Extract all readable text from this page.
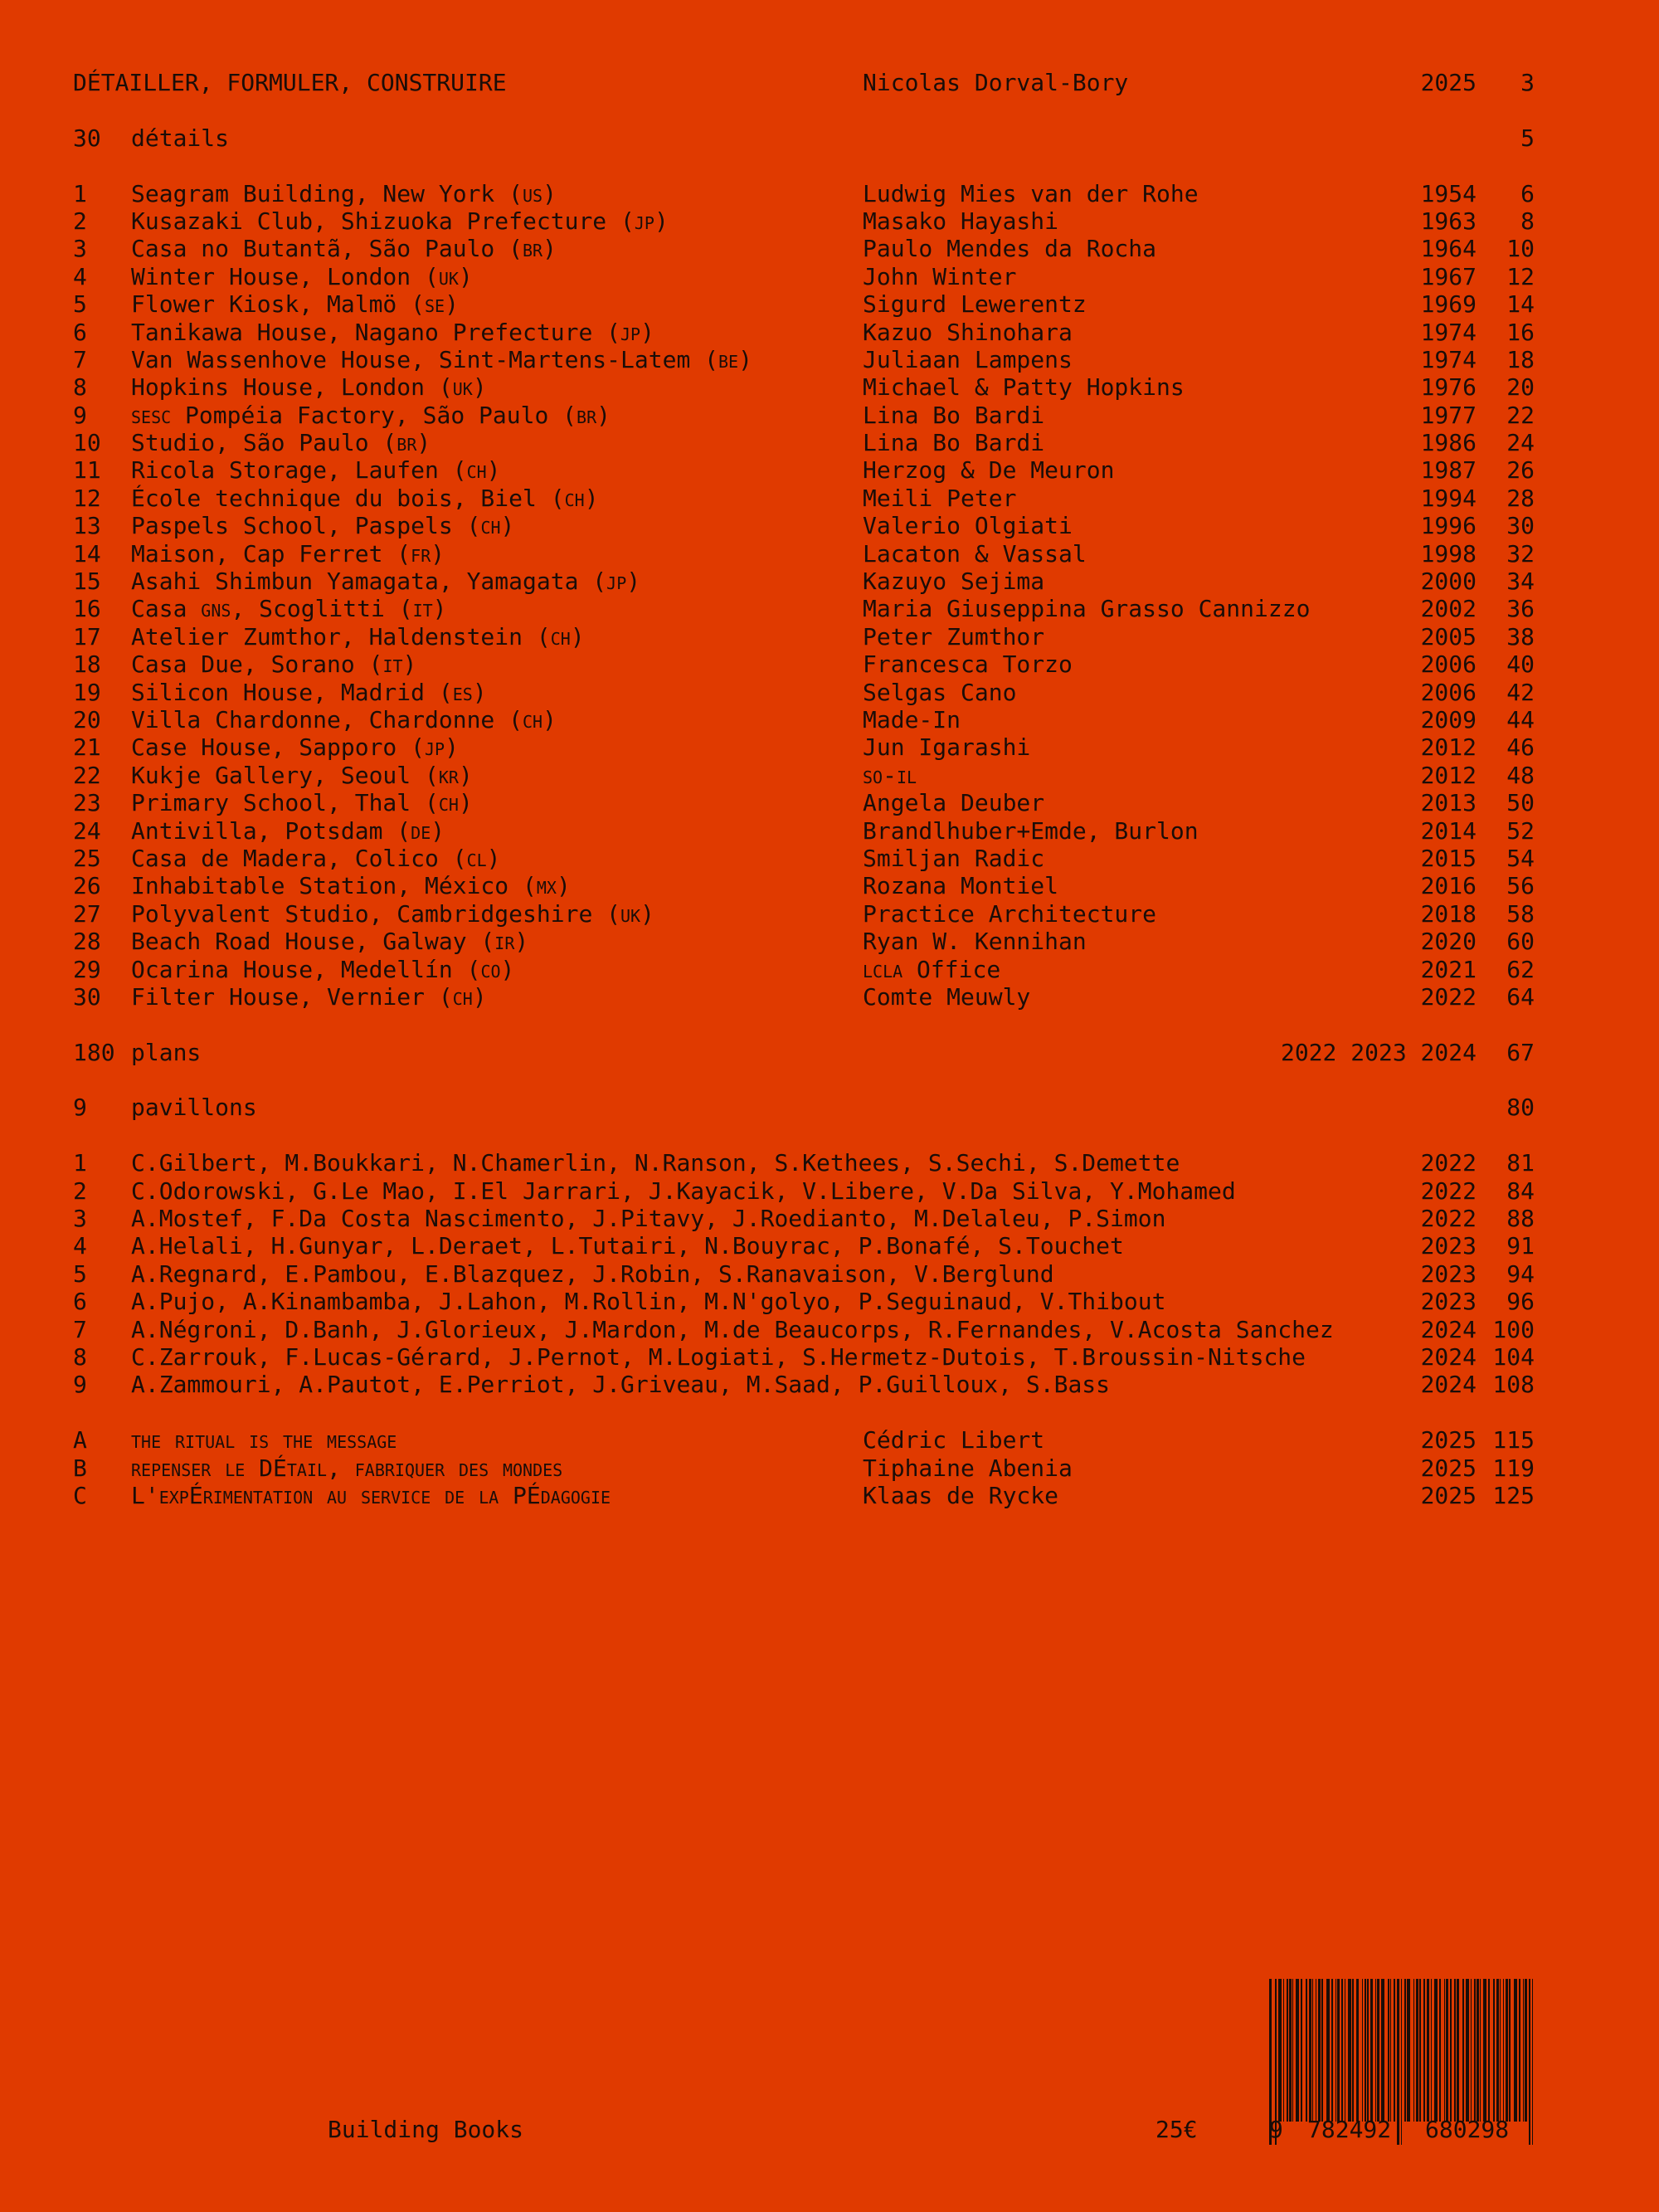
DÉTAILLER, FORMULER, CONSTRUIRE	Nicolas Dorval-Bory	2025 3
30 détails	5
1 Seagram Building, New York (us)	Ludwig Mies van der Rohe	1954 6
2 Kusazaki Club, Shizuoka Prefecture (jp)	Masako Hayashi	1963 8
3 Casa no Butantã, São Paulo (br)	Paulo Mendes da Rocha	1964 10
4 Winter House, London (uk)	John Winter	1967 12
5 Flower Kiosk, Malmö (se)	Sigurd Lewerentz	1969 14
6 Tanikawa House, Nagano Prefecture (jp)	Kazuo Shinohara	1974 16
7 Van Wassenhove House, Sint-Martens-Latem (be)	Juliaan Lampens	1974 18
8 Hopkins House, London (uk)	Michael & Patty Hopkins	1976 20
9 sesc Pompéia Factory, São Paulo (br)	Lina Bo Bardi	1977 22
10 Studio, São Paulo (br)	Lina Bo Bardi	1986 24
11 Ricola Storage, Laufen (ch)	Herzog & De Meuron	1987 26
12 École technique du bois, Biel (ch)	Meili Peter	1994 28
13 Paspels School, Paspels (ch)	Valerio Olgiati	1996 30
14 Maison, Cap Ferret (fr)	Lacaton & Vassal	1998 32
15 Asahi Shimbun Yamagata, Yamagata (jp)	Kazuyo Sejima	2000 34
16 Casa gns, Scoglitti (it)	Maria Giuseppina Grasso Cannizzo	2002 36
17 Atelier Zumthor, Haldenstein (ch)	Peter Zumthor	2005 38
18 Casa Due, Sorano (it)	Francesca Torzo	2006 40
19 Silicon House, Madrid (es)	Selgas Cano	2006 42
20 Villa Chardonne, Chardonne (ch)	Made-In	2009 44
21 Case House, Sapporo (jp)	Jun Igarashi	2012 46
22 Kukje Gallery, Seoul (kr)	so-il	2012 48
23 Primary School, Thal (ch)	Angela Deuber	2013 50
24 Antivilla, Potsdam (de)	Brandlhuber+Emde, Burlon	2014 52
25 Casa de Madera, Colico (cl)	Smiljan Radic	2015 54
26 Inhabitable Station, México (mx)	Rozana Montiel	2016 56
27 Polyvalent Studio, Cambridgeshire (uk)	Practice Architecture	2018 58
28 Beach Road House, Galway (ir)	Ryan W. Kennihan	2020 60
29 Ocarina House, Medellín (co)	lcla Office	2021 62
30 Filter House, Vernier (ch)	Comte Meuwly	2022 64
180 plans	2022 2023 2024 67
9 pavillons	80
1 C.Gilbert, M.Boukkari, N.Chamerlin, N.Ranson, S.Kethees, S.Sechi, S.Demette	2022 81
2 C.Odorowski, G.Le Mao, I.El Jarrari, J.Kayacik, V.Libere, V.Da Silva, Y.Mohamed	2022 84
3 A.Mostef, F.Da Costa Nascimento, J.Pitavy, J.Roedianto, M.Delaleu, P.Simon	2022 88
4 A.Helali, H.Gunyar, L.Deraet, L.Tutairi, N.Bouyrac, P.Bonafé, S.Touchet	2023 91
5 A.Regnard, E.Pambou, E.Blazquez, J.Robin, S.Ranavaison, V.Berglund	2023 94
6 A.Pujo, A.Kinambamba, J.Lahon, M.Rollin, M.N'golyo, P.Seguinaud, V.Thibout	2023 96
7 A.Négroni, D.Banh, J.Glorieux, J.Mardon, M.de Beaucorps, R.Fernandes, V.Acosta Sanchez	2024 100
8 C.Zarrouk, F.Lucas-Gérard, J.Pernot, M.Logiati, S.Hermetz-Dutois, T.Broussin-Nitsche	2024 104
9 A.Zammouri, A.Pautot, E.Perriot, J.Griveau, M.Saad, P.Guilloux, S.Bass	2024 108
A the ritual is the message	Cédric Libert	2025 115
B repenser le DÉtail, fabriquer des mondes	Tiphaine Abenia	2025 119
C L'expÉrimentation au service de la PÉdagogie	Klaas de Rycke	2025 125
Building Books	25€	9 782492 680298
